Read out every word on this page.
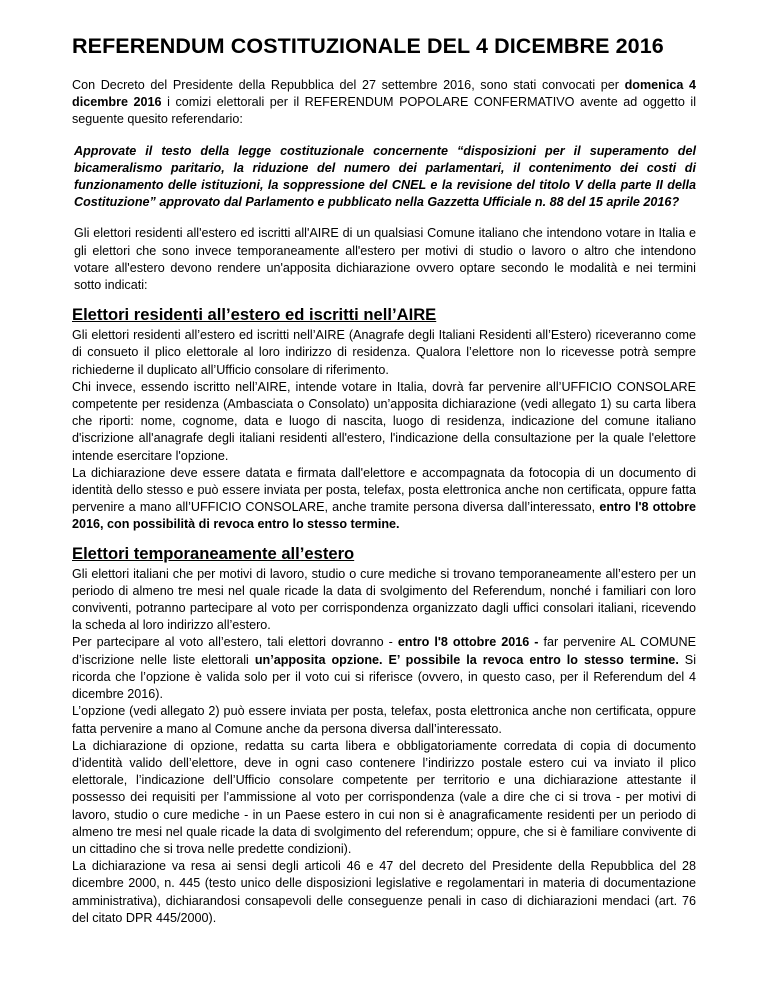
REFERENDUM COSTITUZIONALE DEL 4 DICEMBRE 2016

Con Decreto del Presidente della Repubblica del 27 settembre 2016, sono stati convocati per domenica 4 dicembre 2016 i comizi elettorali per il REFERENDUM POPOLARE CONFERMATIVO avente ad oggetto il seguente quesito referendario:

Approvate il testo della legge costituzionale concernente “disposizioni per il superamento del bicameralismo paritario, la riduzione del numero dei parlamentari, il contenimento dei costi di funzionamento delle istituzioni, la soppressione del CNEL e la revisione del titolo V della parte II della Costituzione” approvato dal Parlamento e pubblicato nella Gazzetta Ufficiale n. 88 del 15 aprile 2016?

Gli elettori residenti all'estero ed iscritti all'AIRE di un qualsiasi Comune italiano che intendono votare in Italia e gli elettori che sono invece temporaneamente all'estero per motivi di studio o lavoro o altro che intendono votare all'estero devono rendere un'apposita dichiarazione ovvero optare secondo le modalità e nei termini sotto indicati:

Elettori residenti all’estero ed iscritti nell’AIRE

Gli elettori residenti all’estero ed iscritti nell’AIRE (Anagrafe degli Italiani Residenti all’Estero) riceveranno come di consueto il plico elettorale al loro indirizzo di residenza. Qualora l’elettore non lo ricevesse potrà sempre richiederne il duplicato all’Ufficio consolare di riferimento.

Chi invece, essendo iscritto nell’AIRE, intende votare in Italia, dovrà far pervenire all’UFFICIO CONSOLARE competente per residenza (Ambasciata o Consolato) un’apposita dichiarazione (vedi allegato 1) su carta libera che riporti: nome, cognome, data e luogo di nascita, luogo di residenza, indicazione del comune italiano d'iscrizione all'anagrafe degli italiani residenti all'estero, l'indicazione della consultazione per la quale l'elettore intende esercitare l'opzione.

La dichiarazione deve essere datata e firmata dall'elettore e accompagnata da fotocopia di un documento di identità dello stesso e può essere inviata per posta, telefax, posta elettronica anche non certificata, oppure fatta pervenire a mano all’UFFICIO CONSOLARE, anche tramite persona diversa dall’interessato, entro l'8 ottobre 2016, con possibilità di revoca entro lo stesso termine.

Elettori temporaneamente all’estero

Gli elettori italiani che per motivi di lavoro, studio o cure mediche si trovano temporaneamente all’estero per un periodo di almeno tre mesi nel quale ricade la data di svolgimento del Referendum, nonché i familiari con loro conviventi, potranno partecipare al voto per corrispondenza organizzato dagli uffici consolari italiani, ricevendo la scheda al loro indirizzo all’estero.

Per partecipare al voto all’estero, tali elettori dovranno - entro l'8 ottobre 2016 - far pervenire AL COMUNE d’iscrizione nelle liste elettorali un’apposita opzione. E’ possibile la revoca entro lo stesso termine. Si ricorda che l’opzione è valida solo per il voto cui si riferisce (ovvero, in questo caso, per il Referendum del 4 dicembre 2016).

L’opzione (vedi allegato 2) può essere inviata per posta, telefax, posta elettronica anche non certificata, oppure fatta pervenire a mano al Comune anche da persona diversa dall’interessato.

La dichiarazione di opzione, redatta su carta libera e obbligatoriamente corredata di copia di documento d’identità valido dell’elettore, deve in ogni caso contenere l’indirizzo postale estero cui va inviato il plico elettorale, l’indicazione dell’Ufficio consolare competente per territorio e una dichiarazione attestante il possesso dei requisiti per l’ammissione al voto per corrispondenza (vale a dire che ci si trova - per motivi di lavoro, studio o cure mediche - in un Paese estero in cui non si è anagraficamente residenti per un periodo di almeno tre mesi nel quale ricade la data di svolgimento del referendum; oppure, che si è familiare convivente di un cittadino che si trova nelle predette condizioni).

La dichiarazione va resa ai sensi degli articoli 46 e 47 del decreto del Presidente della Repubblica del 28 dicembre 2000, n. 445 (testo unico delle disposizioni legislative e regolamentari in materia di documentazione amministrativa), dichiarandosi consapevoli delle conseguenze penali in caso di dichiarazioni mendaci (art. 76 del citato DPR 445/2000).
